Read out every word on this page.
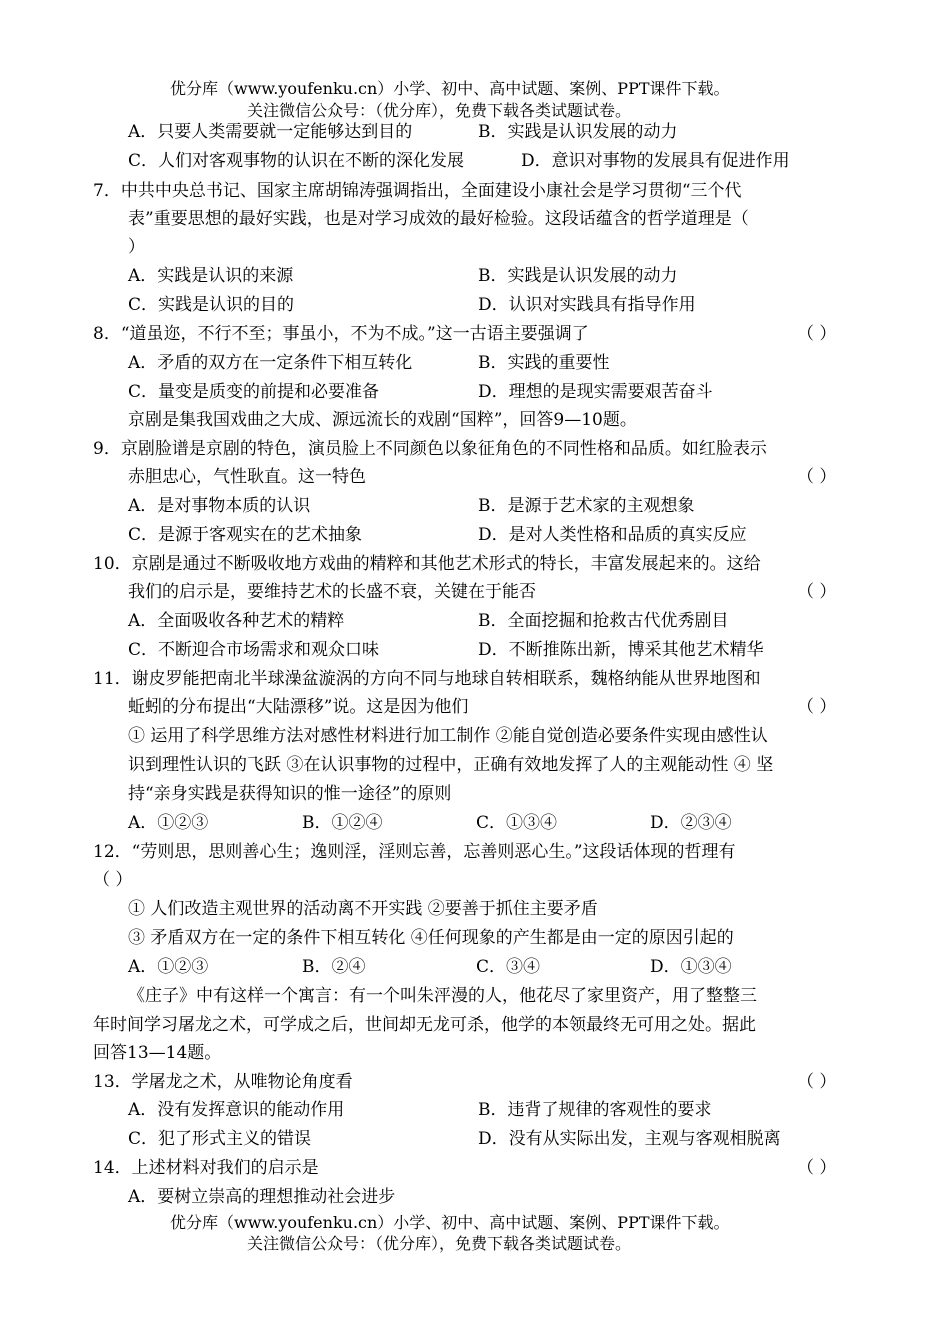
优分库（www.youfenku.cn）小学、初中、高中试题、案例、PPT课件下载。
关注微信公众号：（优分库），免费下载各类试题试卷。
A．只要人类需要就一定能够达到目的	B．实践是认识发展的动力
C．人们对客观事物的认识在不断的深化发展	D．意识对事物的发展具有促进作用
7．中共中央总书记、国家主席胡锦涛强调指出，全面建设小康社会是学习贯彻“三个代
表”重要思想的最好实践，也是对学习成效的最好检验。这段话蕴含的哲学道理是（
）
A．实践是认识的来源	B．实践是认识发展的动力
C．实践是认识的目的	D．认识对实践具有指导作用
8．“道虽迩，不行不至；事虽小，不为不成。”这一古语主要强调了	（ ）
A．矛盾的双方在一定条件下相互转化	B．实践的重要性
C．量变是质变的前提和必要准备	D．理想的是现实需要艰苦奋斗
京剧是集我国戏曲之大成、源远流长的戏剧“国粹”，回答9—10题。
9．京剧脸谱是京剧的特色，演员脸上不同颜色以象征角色的不同性格和品质。如红脸表示
赤胆忠心，气性耿直。这一特色	（ ）
A．是对事物本质的认识	B．是源于艺术家的主观想象
C．是源于客观实在的艺术抽象	D．是对人类性格和品质的真实反应
10．京剧是通过不断吸收地方戏曲的精粹和其他艺术形式的特长，丰富发展起来的。这给
我们的启示是，要维持艺术的长盛不衰，关键在于能否	（ ）
A．全面吸收各种艺术的精粹	B．全面挖掘和抢救古代优秀剧目
C．不断迎合市场需求和观众口味	D．不断推陈出新，博采其他艺术精华
11．谢皮罗能把南北半球澡盆漩涡的方向不同与地球自转相联系，魏格纳能从世界地图和
蚯蚓的分布提出“大陆漂移”说。这是因为他们	（ ）
① 运用了科学思维方法对感性材料进行加工制作 ②能自觉创造必要条件实现由感性认
识到理性认识的飞跃 ③在认识事物的过程中，正确有效地发挥了人的主观能动性 ④ 坚
持“亲身实践是获得知识的惟一途径”的原则
A．①②③	B．①②④	C．①③④	D．②③④
12．“劳则思，思则善心生；逸则淫，淫则忘善，忘善则恶心生。”这段话体现的哲理有
（ ）
① 人们改造主观世界的活动离不开实践 ②要善于抓住主要矛盾
③ 矛盾双方在一定的条件下相互转化 ④任何现象的产生都是由一定的原因引起的
A．①②③	B．②④	C．③④	D．①③④
《庄子》中有这样一个寓言：有一个叫朱泙漫的人，他花尽了家里资产，用了整整三
年时间学习屠龙之术，可学成之后，世间却无龙可杀，他学的本领最终无可用之处。据此
回答13—14题。
13．学屠龙之术，从唯物论角度看	（ ）
A．没有发挥意识的能动作用	B．违背了规律的客观性的要求
C．犯了形式主义的错误	D．没有从实际出发，主观与客观相脱离
14．上述材料对我们的启示是	（ ）
A．要树立崇高的理想推动社会进步
优分库（www.youfenku.cn）小学、初中、高中试题、案例、PPT课件下载。
关注微信公众号：（优分库），免费下载各类试题试卷。
